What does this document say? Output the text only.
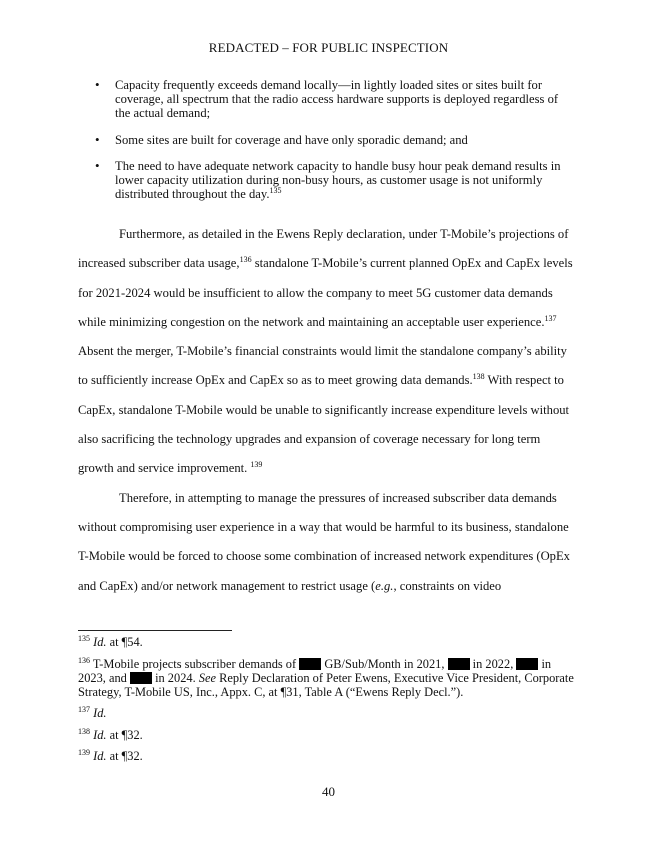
REDACTED – FOR PUBLIC INSPECTION
• Capacity frequently exceeds demand locally—in lightly loaded sites or sites built for coverage, all spectrum that the radio access hardware supports is deployed regardless of the actual demand;
• Some sites are built for coverage and have only sporadic demand; and
• The need to have adequate network capacity to handle busy hour peak demand results in lower capacity utilization during non-busy hours, as customer usage is not uniformly distributed throughout the day.$^{135}$

Furthermore, as detailed in the Ewens Reply declaration, under T-Mobile’s projections of increased subscriber data usage,$^{136}$ standalone T-Mobile’s current planned OpEx and CapEx levels for 2021-2024 would be insufficient to allow the company to meet 5G customer data demands while minimizing congestion on the network and maintaining an acceptable user experience.$^{137}$ Absent the merger, T-Mobile’s financial constraints would limit the standalone company’s ability to sufficiently increase OpEx and CapEx so as to meet growing data demands.$^{138}$ With respect to CapEx, standalone T-Mobile would be unable to significantly increase expenditure levels without also sacrificing the technology upgrades and expansion of coverage necessary for long term growth and service improvement. $^{139}$

Therefore, in attempting to manage the pressures of increased subscriber data demands without compromising user experience in a way that would be harmful to its business, standalone T-Mobile would be forced to choose some combination of increased network expenditures (OpEx and CapEx) and/or network management to restrict usage (e.g., constraints on video

$^{135}$ Id. at ¶54.

$^{136}$ T-Mobile projects subscriber demands of  GB/Sub/Month in 2021,  in 2022,  in 2023, and  in 2024. See Reply Declaration of Peter Ewens, Executive Vice President, Corporate Strategy, T-Mobile US, Inc., Appx. C, at ¶31, Table A (“Ewens Reply Decl.”).

$^{137}$ Id.

$^{138}$ Id. at ¶32.

$^{139}$ Id. at ¶32.

40
